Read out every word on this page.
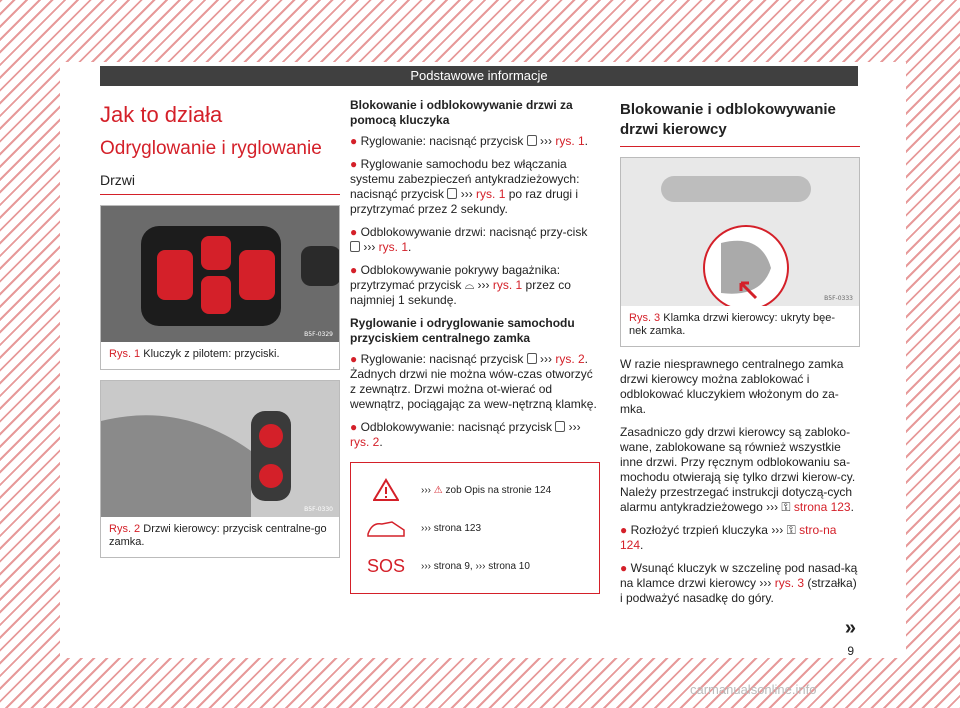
Podstawowe informacje
Jak to działa
Odryglowanie i ryglowanie
Drzwi
B5F-0329
Rys. 1 Kluczyk z pilotem: przyciski.
B5F-0330
Rys. 2 Drzwi kierowcy: przycisk centralne-go zamka.
Blokowanie i odblokowywanie drzwi za pomocą kluczyka

● Ryglowanie: nacisnąć przycisk  ››› rys. 1.

● Ryglowanie samochodu bez włączania systemu zabezpieczeń antykradzieżowych: nacisnąć przycisk  ››› rys. 1 po raz drugi i przytrzymać przez 2 sekundy.

● Odblokowywanie drzwi: nacisnąć przy-cisk  ››› rys. 1.

● Odblokowywanie pokrywy bagażnika: przytrzymać przycisk ⌓ ››› rys. 1 przez co najmniej 1 sekundę.

Ryglowanie i odryglowanie samochodu przyciskiem centralnego zamka

● Ryglowanie: nacisnąć przycisk  ››› rys. 2. Żadnych drzwi nie można wów-czas otworzyć z zewnątrz. Drzwi można ot-wierać od wewnątrz, pociągając za wew-nętrzną klamkę.

● Odblokowywanie: nacisnąć przycisk  ››› rys. 2.

››› ⚠ zob Opis na stronie 124
››› strona 123
SOS	››› strona 9, ››› strona 10
Blokowanie i odblokowywanie drzwi kierowcy
B5F-0333
Rys. 3 Klamka drzwi kierowcy: ukryty bęe-nek zamka.

W razie niesprawnego centralnego zamka drzwi kierowcy można zablokować i odblokować kluczykiem włożonym do za-mka.

Zasadniczo gdy drzwi kierowcy są zabloko-wane, zablokowane są również wszystkie inne drzwi. Przy ręcznym odblokowaniu sa-mochodu otwierają się tylko drzwi kierow-cy. Należy przestrzegać instrukcji dotyczą-cych alarmu antykradzieżowego ››› ⚿ strona 123.

● Rozłożyć trzpień kluczyka ››› ⚿ stro-na 124.

● Wsunąć kluczyk w szczelinę pod nasad-ką na klamce drzwi kierowcy ››› rys. 3 (strzałka) i podważyć nasadkę do góry.

»
9
carmanualsonline.info
